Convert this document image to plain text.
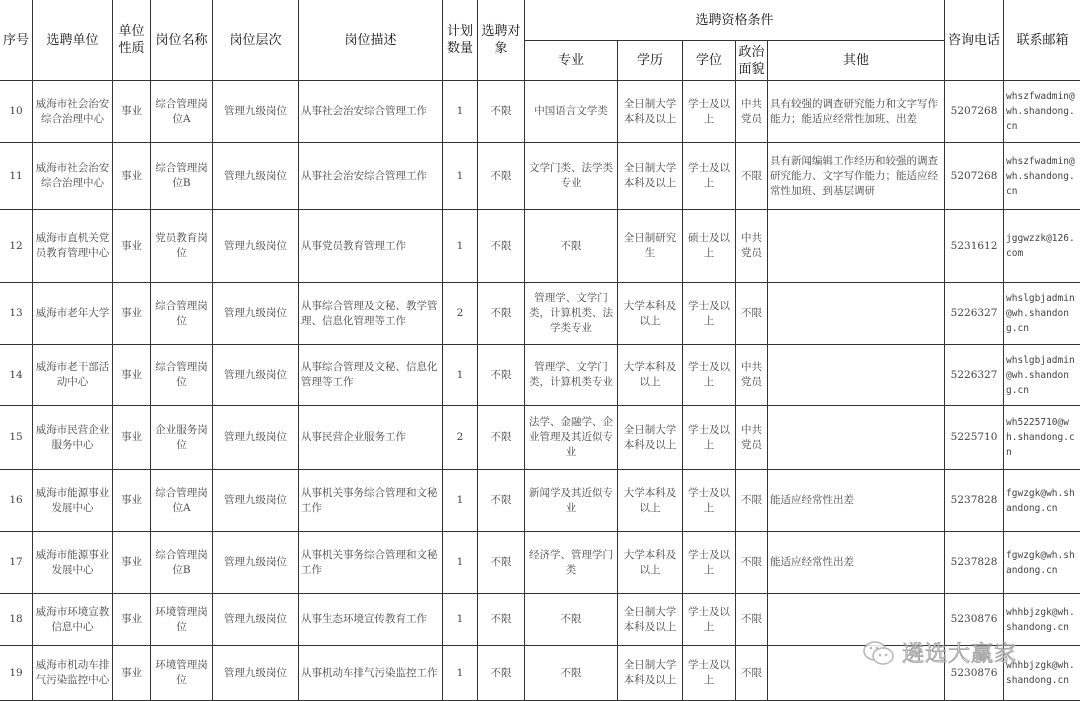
序号	选聘单位	单位性质	岗位名称	岗位层次	岗位描述	计划数量	选聘对象	选聘资格条件					咨询电话	联系邮箱
								专业	学历	学位	政治面貌	其他		
10	威海市社会治安综合治理中心	事业	综合管理岗位A	管理九级岗位	从事社会治安综合管理工作	1	不限	中国语言文学类	全日制大学本科及以上	学士及以上	中共党员	具有较强的调查研究能力和文字写作能力；能适应经常性加班、出差	5207268	whszfwadmin@wh.shandong.cn
11	威海市社会治安综合治理中心	事业	综合管理岗位B	管理九级岗位	从事社会治安综合管理工作	1	不限	文学门类、法学类专业	全日制大学本科及以上	学士及以上	不限	具有新闻编辑工作经历和较强的调查研究能力、文字写作能力；能适应经常性加班、到基层调研	5207268	whszfwadmin@wh.shandong.cn
12	威海市直机关党员教育管理中心	事业	党员教育岗位	管理九级岗位	从事党员教育管理工作	1	不限	不限	全日制研究生	硕士及以上	中共党员		5231612	jggwzzk@126.com
13	威海市老年大学	事业	综合管理岗位	管理九级岗位	从事综合管理及文秘、教学管理、信息化管理等工作	2	不限	管理学、文学门类，计算机类、法学类专业	大学本科及以上	学士及以上	不限		5226327	whslgbjadmin@wh.shandong.cn
14	威海市老干部活动中心	事业	综合管理岗位	管理九级岗位	从事综合管理及文秘、信息化管理等工作	1	不限	管理学、文学门类，计算机类专业	大学本科及以上	学士及以上	中共党员		5226327	whslgbjadmin@wh.shandong.cn
15	威海市民营企业服务中心	事业	企业服务岗位	管理九级岗位	从事民营企业服务工作	2	不限	法学、金融学、企业管理及其近似专业	全日制大学本科及以上	学士及以上	中共党员		5225710	wh5225710@wh.shandong.cn
16	威海市能源事业发展中心	事业	综合管理岗位A	管理九级岗位	从事机关事务综合管理和文秘工作	1	不限	新闻学及其近似专业	大学本科及以上	学士及以上	不限	能适应经常性出差	5237828	fgwzgk@wh.shandong.cn
17	威海市能源事业发展中心	事业	综合管理岗位B	管理九级岗位	从事机关事务综合管理和文秘工作	1	不限	经济学、管理学门类	大学本科及以上	学士及以上	不限	能适应经常性出差	5237828	fgwzgk@wh.shandong.cn
18	威海市环境宣教信息中心	事业	环境管理岗位	管理九级岗位	从事生态环境宣传教育工作	1	不限	不限	全日制大学本科及以上	学士及以上	不限		5230876	whhbjzgk@wh.shandong.cn
19	威海市机动车排气污染监控中心	事业	环境管理岗位	管理九级岗位	从事机动车排气污染监控工作	1	不限	不限	全日制大学本科及以上	学士及以上	不限		5230876	whhbjzgk@wh.shandong.cn
遴选大赢家
